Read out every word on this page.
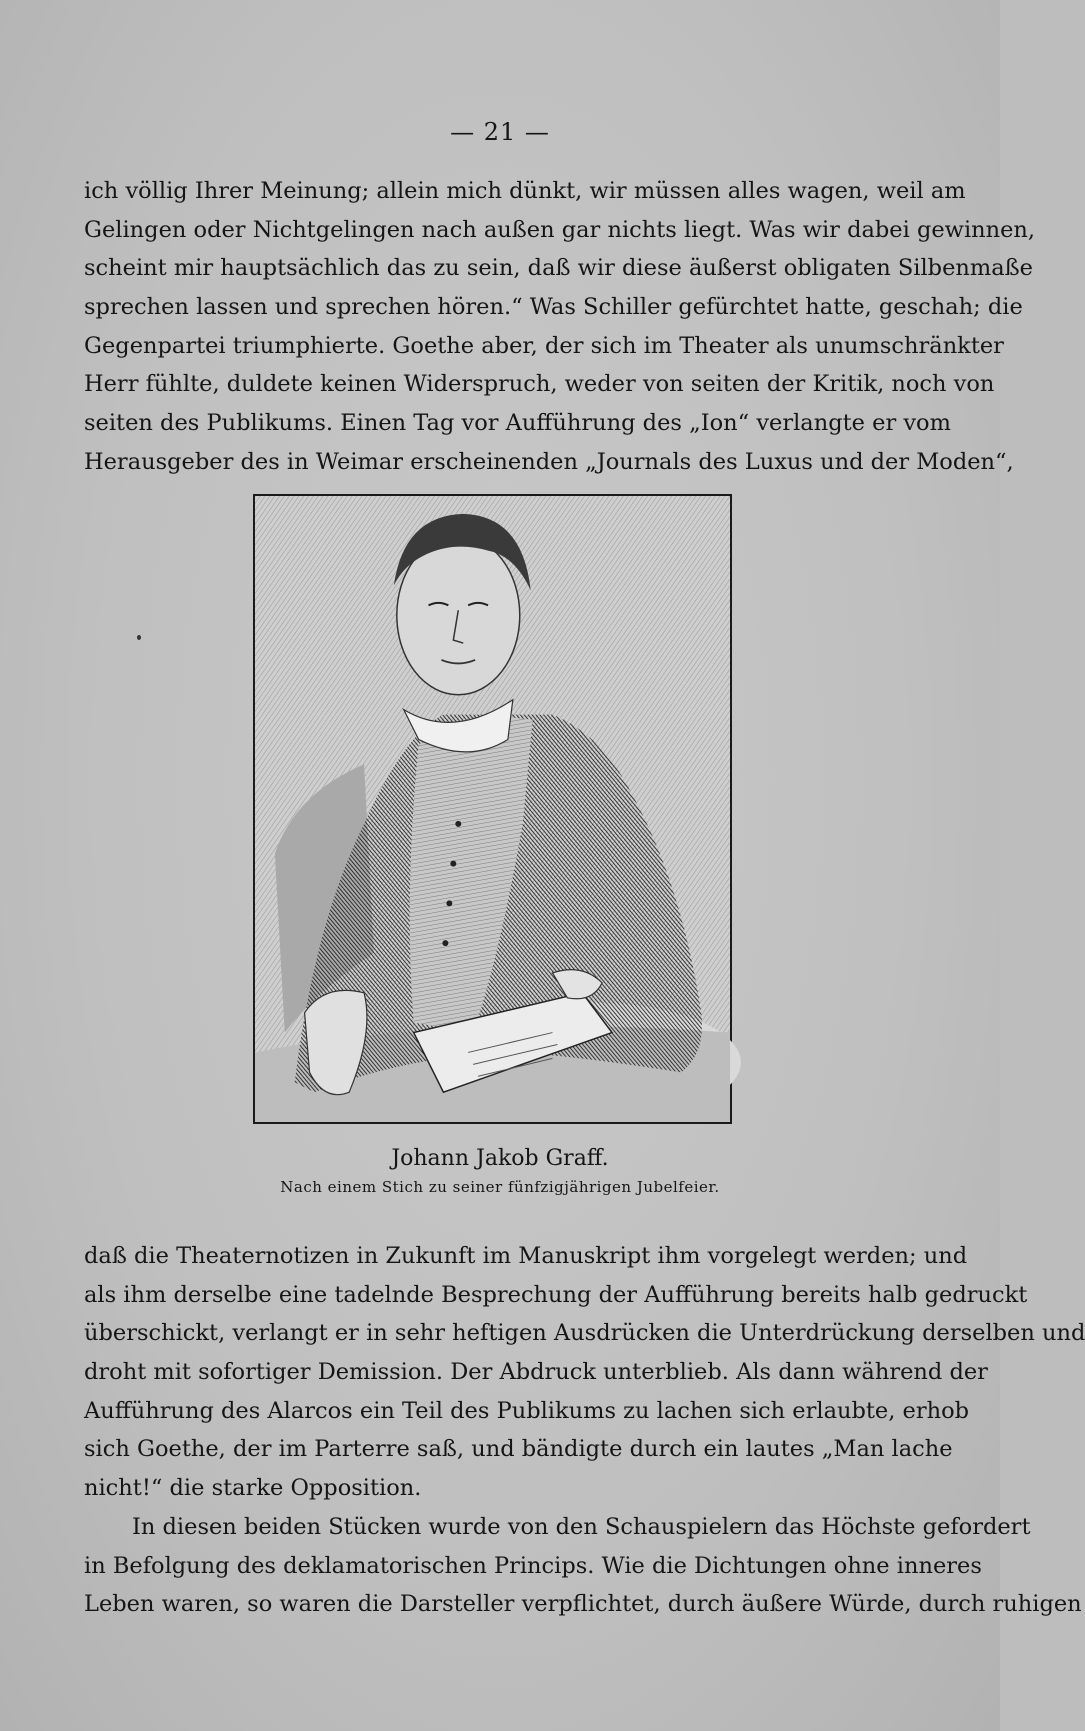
— 21 —
ich völlig Ihrer Meinung; allein mich dünkt, wir müssen alles wagen, weil am
Gelingen oder Nichtgelingen nach außen gar nichts liegt. Was wir dabei gewinnen,
scheint mir hauptsächlich das zu sein, daß wir diese äußerst obligaten Silbenmaße
sprechen lassen und sprechen hören.“ Was Schiller gefürchtet hatte, geschah; die
Gegenpartei triumphierte. Goethe aber, der sich im Theater als unumschränkter
Herr fühlte, duldete keinen Widerspruch, weder von seiten der Kritik, noch von
seiten des Publikums. Einen Tag vor Aufführung des „Ion“ verlangte er vom
Herausgeber des in Weimar erscheinenden „Journals des Luxus und der Moden“,
Johann Jakob Graff.
Nach einem Stich zu seiner fünfzigjährigen Jubelfeier.
daß die Theaternotizen in Zukunft im Manuskript ihm vorgelegt werden; und
als ihm derselbe eine tadelnde Besprechung der Aufführung bereits halb gedruckt
überschickt, verlangt er in sehr heftigen Ausdrücken die Unterdrückung derselben und
droht mit sofortiger Demission. Der Abdruck unterblieb. Als dann während der
Aufführung des Alarcos ein Teil des Publikums zu lachen sich erlaubte, erhob
sich Goethe, der im Parterre saß, und bändigte durch ein lautes „Man lache
nicht!“ die starke Opposition.
In diesen beiden Stücken wurde von den Schauspielern das Höchste gefordert
in Befolgung des deklamatorischen Princips. Wie die Dichtungen ohne inneres
Leben waren, so waren die Darsteller verpflichtet, durch äußere Würde, durch ruhigen
